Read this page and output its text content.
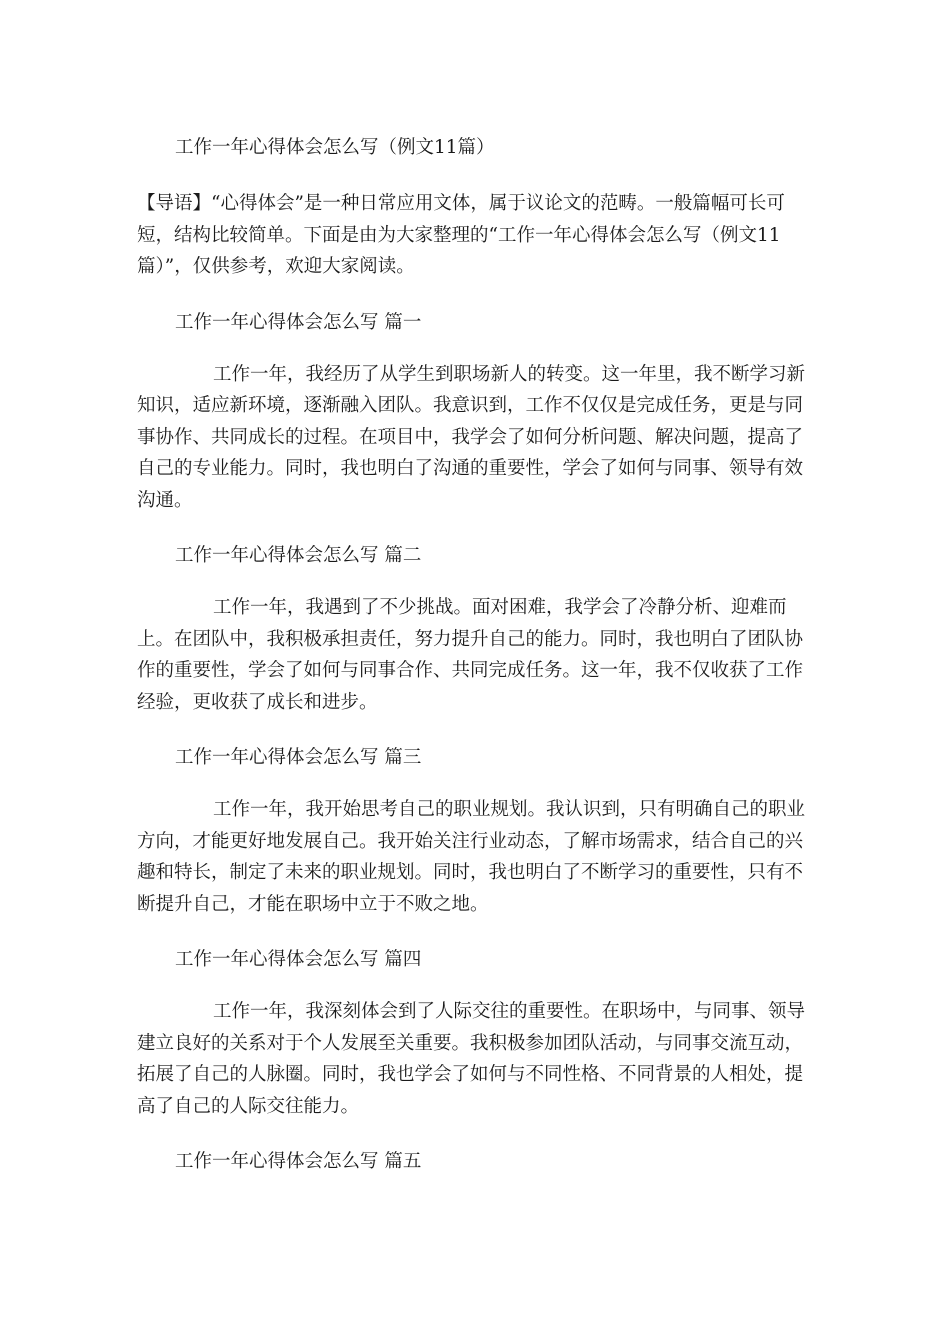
工作一年心得体会怎么写（例文11篇）

【导语】“心得体会”是一种日常应用文体，属于议论文的范畴。一般篇幅可长可短，结构比较简单。下面是由为大家整理的“工作一年心得体会怎么写（例文11篇）”，仅供参考，欢迎大家阅读。

工作一年心得体会怎么写 篇一

工作一年，我经历了从学生到职场新人的转变。这一年里，我不断学习新知识，适应新环境，逐渐融入团队。我意识到，工作不仅仅是完成任务，更是与同事协作、共同成长的过程。在项目中，我学会了如何分析问题、解决问题，提高了自己的专业能力。同时，我也明白了沟通的重要性，学会了如何与同事、领导有效沟通。

工作一年心得体会怎么写 篇二

工作一年，我遇到了不少挑战。面对困难，我学会了冷静分析、迎难而上。在团队中，我积极承担责任，努力提升自己的能力。同时，我也明白了团队协作的重要性，学会了如何与同事合作、共同完成任务。这一年，我不仅收获了工作经验，更收获了成长和进步。

工作一年心得体会怎么写 篇三

工作一年，我开始思考自己的职业规划。我认识到，只有明确自己的职业方向，才能更好地发展自己。我开始关注行业动态，了解市场需求，结合自己的兴趣和特长，制定了未来的职业规划。同时，我也明白了不断学习的重要性，只有不断提升自己，才能在职场中立于不败之地。

工作一年心得体会怎么写 篇四

工作一年，我深刻体会到了人际交往的重要性。在职场中，与同事、领导建立良好的关系对于个人发展至关重要。我积极参加团队活动，与同事交流互动，拓展了自己的人脉圈。同时，我也学会了如何与不同性格、不同背景的人相处，提高了自己的人际交往能力。

工作一年心得体会怎么写 篇五
